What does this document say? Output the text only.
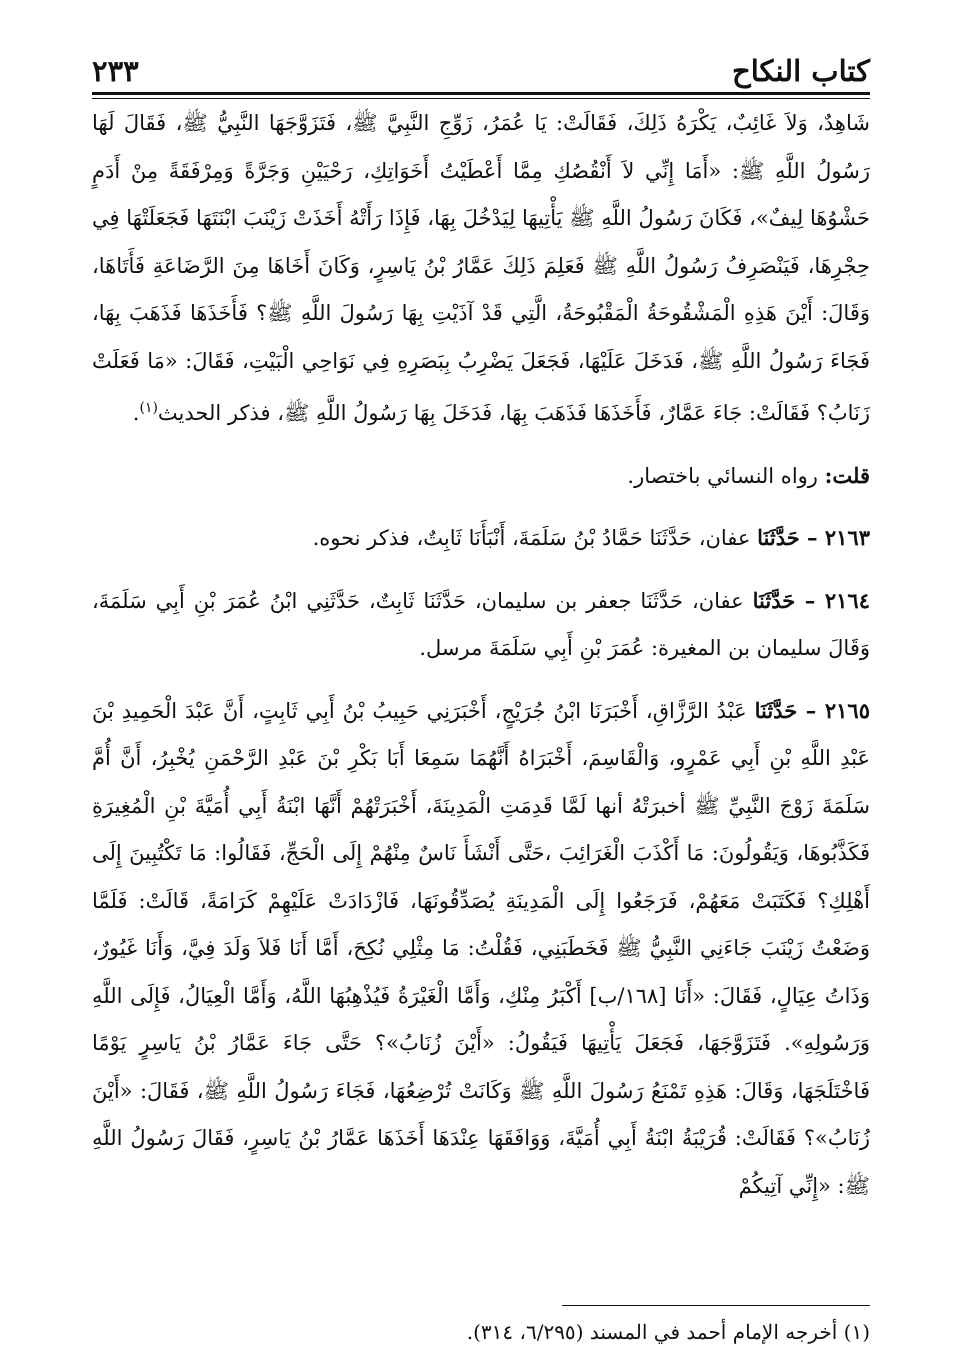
كتاب النكاح
٢٣٣

شَاهِدٌ، وَلاَ غَائِبٌ، يَكْرَهُ ذَلِكَ، فَقَالَتْ: يَا عُمَرُ، زَوِّجِ النَّبِيَّ ﷺ، فَتَزَوَّجَهَا النَّبِيُّ ﷺ، فَقَالَ لَهَا رَسُولُ اللَّهِ ﷺ: «أَمَا إِنِّي لاَ أَنْقُصُكِ مِمَّا أَعْطَيْتُ أَخَوَاتِكِ، رَحْيَيْنِ وَجَرَّةً وَمِرْفَقَةً مِنْ أَدَمٍ حَشْوُهَا لِيفٌ»، فَكَانَ رَسُولُ اللَّهِ ﷺ يَأْتِيهَا لِيَدْخُلَ بِهَا، فَإِذَا رَأَتْهُ أَخَذَتْ زَيْنَبَ ابْنَتَهَا فَجَعَلَتْهَا فِي حِجْرِهَا، فَيَنْصَرِفُ رَسُولُ اللَّهِ ﷺ فَعَلِمَ ذَلِكَ عَمَّارُ بْنُ يَاسِرٍ، وَكَانَ أَخَاهَا مِنَ الرَّضَاعَةِ فَأَتَاهَا، وَقَالَ: أَيْنَ هَذِهِ الْمَشْقُوحَةُ الْمَقْبُوحَةُ، الَّتِي قَدْ آذَيْتِ بِهَا رَسُولَ اللَّهِ ﷺ؟ فَأَخَذَهَا فَذَهَبَ بِهَا، فَجَاءَ رَسُولُ اللَّهِ ﷺ، فَدَخَلَ عَلَيْهَا، فَجَعَلَ يَضْرِبُ بِبَصَرِهِ فِي نَوَاحِي الْبَيْتِ، فَقَالَ: «مَا فَعَلَتْ زَنَابُ؟ فَقَالَتْ: جَاءَ عَمَّارٌ، فَأَخَذَهَا فَذَهَبَ بِهَا، فَدَخَلَ بِهَا رَسُولُ اللَّهِ ﷺ، فذكر الحديث$^{(١)}$.

قلت: رواه النسائي باختصار.

٢١٦٣ – حَدَّثَنَا عفان، حَدَّثَنَا حَمَّادُ بْنُ سَلَمَةَ، أَنْبَأَنَا ثَابِتٌ، فذكر نحوه.

٢١٦٤ – حَدَّثَنَا عفان، حَدَّثَنَا جعفر بن سليمان، حَدَّثَنَا ثَابِتٌ، حَدَّثَنِي ابْنُ عُمَرَ بْنِ أَبِي سَلَمَةَ، وَقَالَ سليمان بن المغيرة: عُمَرَ بْنِ أَبِي سَلَمَةَ مرسل.

٢١٦٥ – حَدَّثَنَا عَبْدُ الرَّزَّاقِ، أَخْبَرَنَا ابْنُ جُرَيْجٍ، أَخْبَرَنِي حَبِيبُ بْنُ أَبِي ثَابِتٍ، أَنَّ عَبْدَ الْحَمِيدِ بْنَ عَبْدِ اللَّهِ بْنِ أَبِي عَمْرٍو، وَالْقَاسِمَ، أَخْبَرَاهُ أَنَّهُمَا سَمِعَا أَبَا بَكْرِ بْنَ عَبْدِ الرَّحْمَنِ يُخْبِرُ، أَنَّ أُمَّ سَلَمَةَ زَوْجَ النَّبِيِّ ﷺ أخبرَتْهُ أنها لَمَّا قَدِمَتِ الْمَدِينَةَ، أَخْبَرَتْهُمْ أَنَّهَا ابْنَةُ أَبِي أُمَيَّةَ بْنِ الْمُغِيرَةِ فَكَذَّبُوهَا، وَيَقُولُونَ: مَا أَكْذَبَ الْغَرَائِبَ ،حَتَّى أَنْشَأَ نَاسٌ مِنْهُمْ إِلَى الْحَجِّ، فَقَالُوا: مَا تَكْتُبِينَ إِلَى أَهْلِكِ؟ فَكَتَبَتْ مَعَهُمْ، فَرَجَعُوا إِلَى الْمَدِينَةِ يُصَدِّقُونَهَا، فَازْدَادَتْ عَلَيْهِمْ كَرَامَةً، قَالَتْ: فَلَمَّا وَضَعْتُ زَيْنَبَ جَاءَنِي النَّبِيُّ ﷺ فَخَطَبَنِي، فَقُلْتُ: مَا مِثْلِي نُكِحَ، أَمَّا أَنَا فَلاَ وَلَدَ فِيَّ، وَأَنَا غَيُورٌ، وَذَاتُ عِيَالٍ، فَقَالَ: «أَنَا [١٦٨/ب] أَكْبَرُ مِنْكِ، وَأَمَّا الْغَيْرَةُ فَيُذْهِبُهَا اللَّهُ، وَأَمَّا الْعِيَالُ، فَإِلَى اللَّهِ وَرَسُولِهِ». فَتَزَوَّجَهَا، فَجَعَلَ يَأْتِيهَا فَيَقُولُ: «أَيْنَ زُنَابُ»؟ حَتَّى جَاءَ عَمَّارُ بْنُ يَاسِرٍ يَوْمًا فَاخْتَلَجَهَا، وَقَالَ: هَذِهِ تَمْنَعُ رَسُولَ اللَّهِ ﷺ وَكَانَتْ تُرْضِعُهَا، فَجَاءَ رَسُولُ اللَّهِ ﷺ، فَقَالَ: «أَيْنَ زُنَابُ»؟ فَقَالَتْ: قُرَيْبَةُ ابْنَةُ أَبِي أُمَيَّةَ، وَوَافَقَهَا عِنْدَهَا أَخَذَهَا عَمَّارُ بْنُ يَاسِرٍ، فَقَالَ رَسُولُ اللَّهِ ﷺ: «إِنِّي آتِيكُمْ

(١) أخرجه الإمام أحمد في المسند (٦/٢٩٥، ٣١٤).
